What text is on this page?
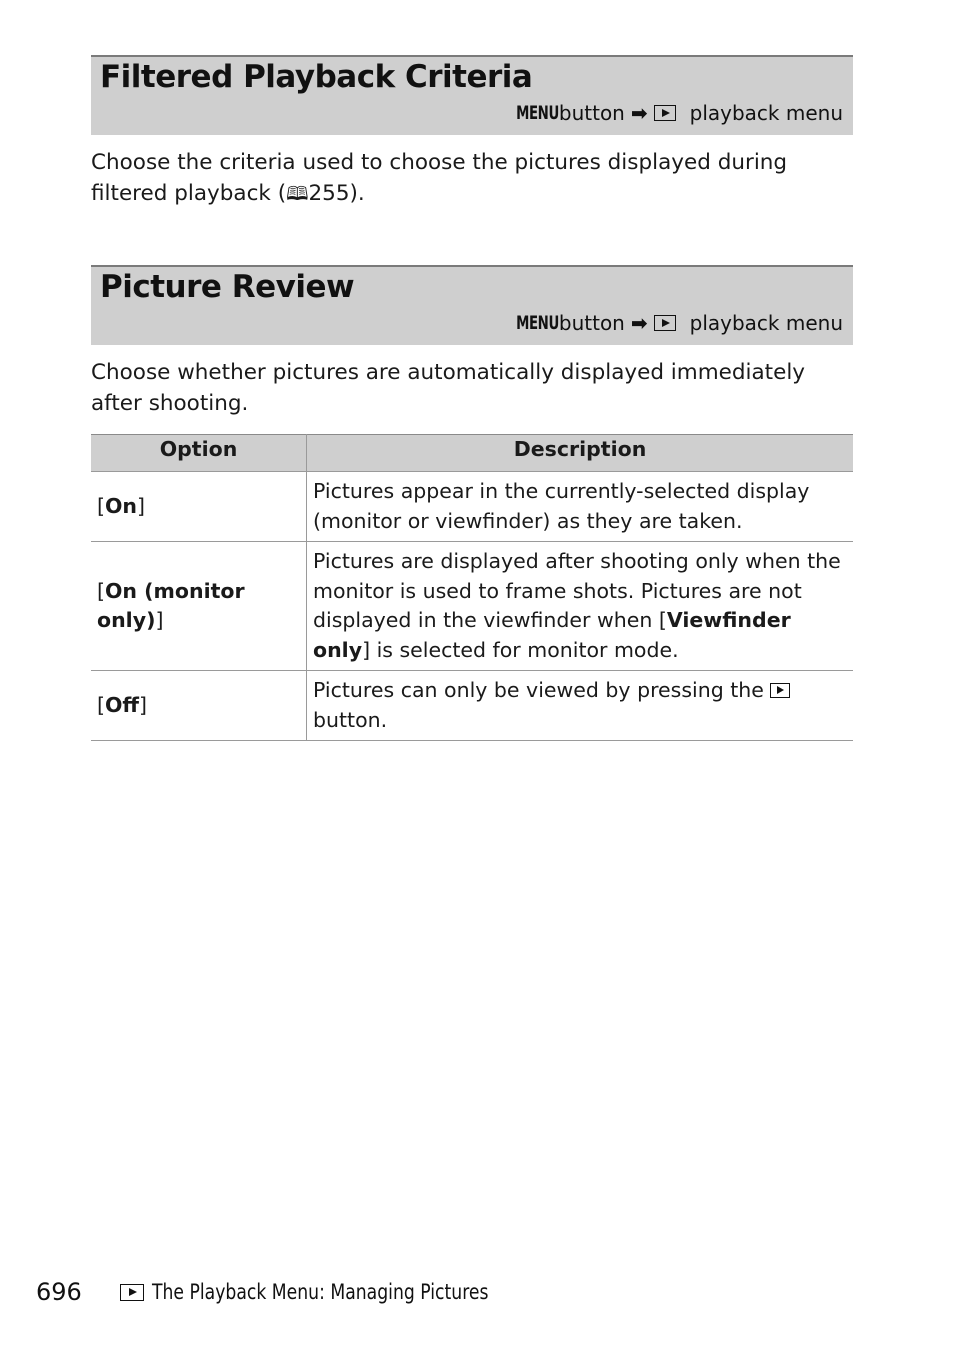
Filtered Playback Criteria
MENU button ➡ playback menu
Choose the criteria used to choose the pictures displayed during filtered playback (🕮255).
Picture Review
MENU button ➡ playback menu
Choose whether pictures are automatically displayed immediately after shooting.
Option	Description
[On]	Pictures appear in the currently-selected display (monitor or viewfinder) as they are taken.
[On (monitor only)]	Pictures are displayed after shooting only when the monitor is used to frame shots. Pictures are not displayed in the viewfinder when [Viewfinder only] is selected for monitor mode.
[Off]	Pictures can only be viewed by pressing the  button.
696	The Playback Menu: Managing Pictures
